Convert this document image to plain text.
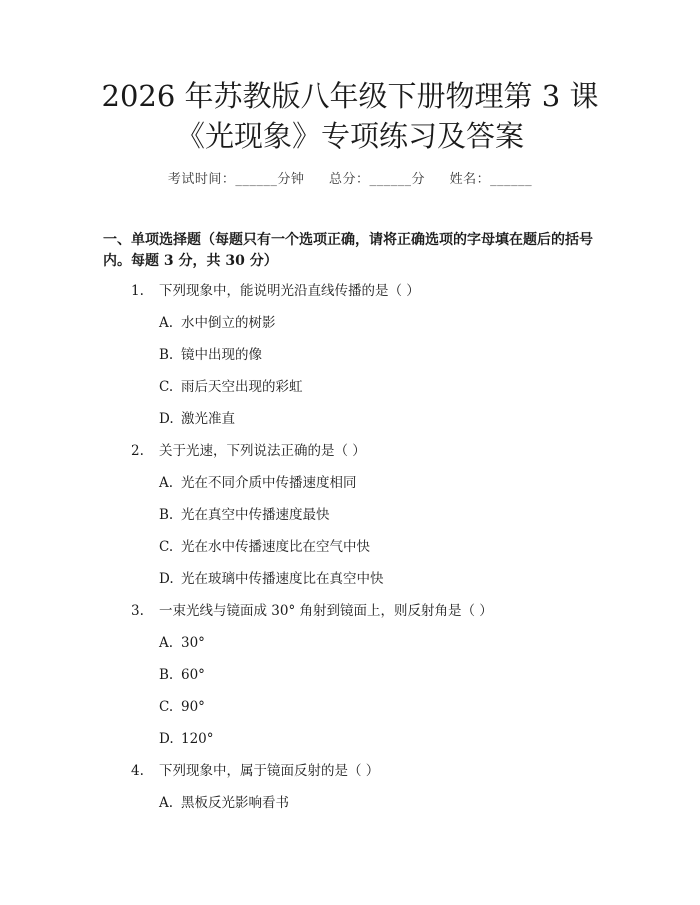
2026 年苏教版八年级下册物理第 3 课《光现象》专项练习及答案
考试时间：______分钟 总分：______分 姓名：______

一、单项选择题（每题只有一个选项正确，请将正确选项的字母填在题后的括号内。每题 3 分，共 30 分）

1. 下列现象中，能说明光沿直线传播的是（ ）
A. 水中倒立的树影
B. 镜中出现的像
C. 雨后天空出现的彩虹
D. 激光准直
2. 关于光速，下列说法正确的是（ ）
A. 光在不同介质中传播速度相同
B. 光在真空中传播速度最快
C. 光在水中传播速度比在空气中快
D. 光在玻璃中传播速度比在真空中快
3. 一束光线与镜面成 30° 角射到镜面上，则反射角是（ ）
A. 30°
B. 60°
C. 90°
D. 120°
4. 下列现象中，属于镜面反射的是（ ）
A. 黑板反光影响看书
